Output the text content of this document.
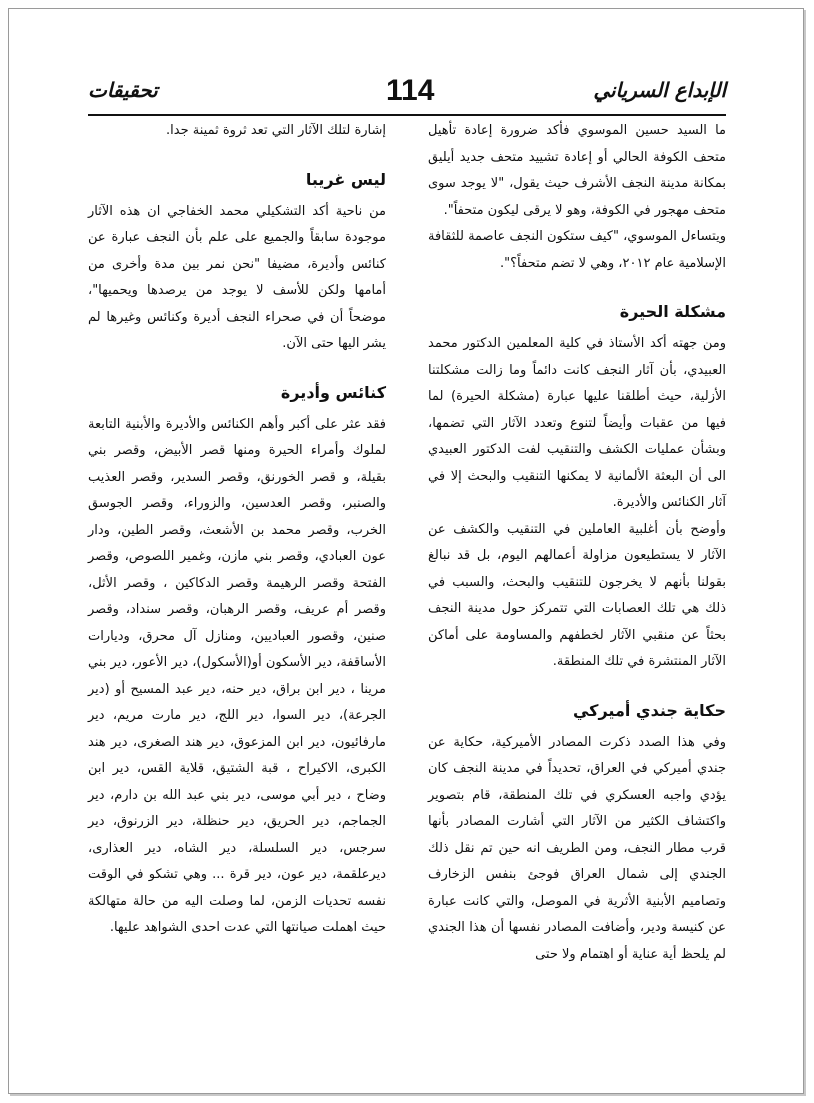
تحقيقات	114	الإبداع السرياني

ما السيد حسين الموسوي فأكد ضرورة إعادة تأهيل متحف الكوفة الحالي أو إعادة تشييد متحف جديد أيليق بمكانة مدينة النجف الأشرف حيث يقول، "لا يوجد سوى متحف مهجور في الكوفة، وهو لا يرقى ليكون متحفاً".

ويتساءل الموسوي، "كيف ستكون النجف عاصمة للثقافة الإسلامية عام ٢٠١٢، وهي لا تضم متحفاً؟".

مشكلة الحيرة

ومن جهته أكد الأستاذ في كلية المعلمين الدكتور محمد العبيدي، بأن آثار النجف كانت دائماً وما زالت مشكلتنا الأزلية، حيث أطلقنا عليها عبارة (مشكلة الحيرة) لما فيها من عقبات وأيضاً لتنوع وتعدد الآثار التي تضمها، وبشأن عمليات الكشف والتنقيب لفت الدكتور العبيدي الى أن البعثة الألمانية لا يمكنها التنقيب والبحث إلا في آثار الكنائس والأديرة.

وأوضح بأن أغلبية العاملين في التنقيب والكشف عن الآثار لا يستطيعون مزاولة أعمالهم اليوم، بل قد نبالغ بقولنا بأنهم لا يخرجون للتنقيب والبحث، والسبب في ذلك هي تلك العصابات التي تتمركز حول مدينة النجف بحثاً عن منقبي الآثار لخطفهم والمساومة على أماكن الآثار المنتشرة في تلك المنطقة.

حكاية جندي أميركي

وفي هذا الصدد ذكرت المصادر الأميركية، حكاية عن جندي أميركي في العراق، تحديداً في مدينة النجف كان يؤدي واجبه العسكري في تلك المنطقة، قام بتصوير واكتشاف الكثير من الآثار التي أشارت المصادر بأنها قرب مطار النجف، ومن الطريف انه حين تم نقل ذلك الجندي إلى شمال العراق فوجئ بنفس الزخارف وتصاميم الأبنية الأثرية في الموصل، والتي كانت عبارة عن كنيسة ودير، وأضافت المصادر نفسها أن هذا الجندي لم يلحظ أية عناية أو اهتمام ولا حتى

إشارة لتلك الآثار التي تعد ثروة ثمينة جدا.

ليس غريبا

من ناحية أكد التشكيلي محمد الخفاجي ان هذه الآثار موجودة سابقاً والجميع على علم بأن النجف عبارة عن كنائس وأديرة، مضيفا "نحن نمر بين مدة وأخرى من أمامها ولكن للأسف لا يوجد من يرصدها ويحميها"، موضحاً أن في صحراء النجف أديرة وكنائس وغيرها لم يشر اليها حتى الآن.

كنائس وأديرة

فقد عثر على أكبر وأهم الكنائس والأديرة والأبنية التابعة لملوك وأمراء الحيرة ومنها قصر الأبيض، وقصر بني بقيلة، و قصر الخورنق، وقصر السدير، وقصر العذيب والصنبر، وقصر العدسين، والزوراء، وقصر الجوسق الخرب، وقصر محمد بن الأشعث، وقصر الطين، ودار عون العبادي، وقصر بني مازن، وغمير اللصوص، وقصر الفتحة وقصر الرهيمة وقصر الدكاكين ، وقصر الأثل، وقصر أم عريف، وقصر الرهبان، وقصر سنداد، وقصر صنين، وقصور العباديين، ومنازل آل محرق، وديارات الأساقفة، دير الأسكون أو(الأسكول)، دير الأعور، دير بني مرينا ، دير ابن براق، دير حنه، دير عبد المسيح أو (دير الجرعة)، دير السوا، دير اللج، دير مارت مريم، دير مارفائيون، دير ابن المزعوق، دير هند الصغرى، دير هند الكبرى، الاكيراح ، قبة الشتيق، قلاية القس، دير ابن وضاح ، دير أبي موسى، دير بني عبد الله بن دارم، دير الجماجم، دير الحريق، دير حنظلة، دير الزرنوق، دير سرجس، دير السلسلة، دير الشاه، دير العذارى، ديرعلقمة، دير عون، دير قرة ... وهي تشكو في الوقت نفسه تحديات الزمن، لما وصلت اليه من حالة متهالكة حيث اهملت صيانتها التي عدت احدى الشواهد عليها.
